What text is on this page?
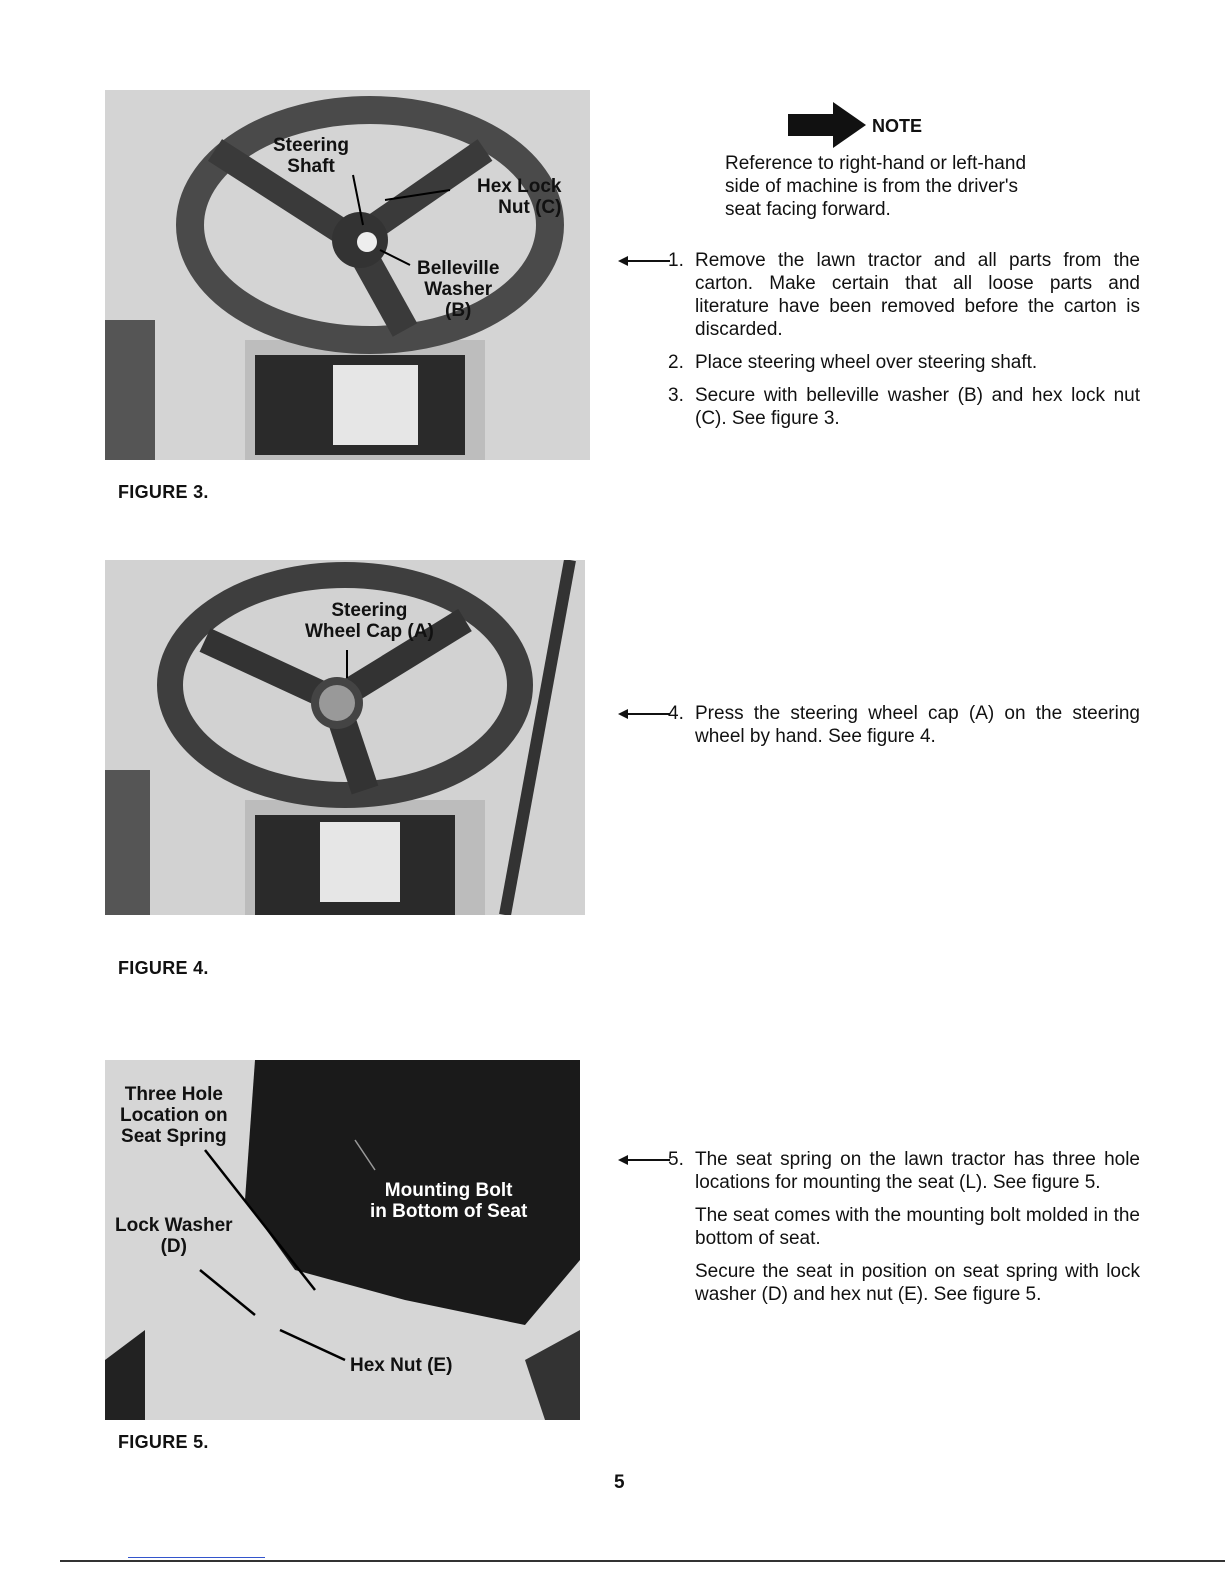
Steering
Shaft
Hex Lock
Nut (C)
Belleville
Washer
(B)
FIGURE 3.
Steering
Wheel Cap (A)
FIGURE 4.
Three Hole
Location on
Seat Spring
Lock Washer
(D)
Mounting Bolt
in Bottom of Seat
Hex Nut (E)
FIGURE 5.
NOTE
Reference to right-hand or left-hand
side of machine is from the driver's
seat facing forward.
1. Remove the lawn tractor and all parts from the carton. Make certain that all loose parts and literature have been removed before the carton is discarded.

2. Place steering wheel over steering shaft.

3. Secure with belleville washer (B) and hex lock nut (C). See figure 3.

4. Press the steering wheel cap (A) on the steering wheel by hand. See figure 4.

5. The seat spring on the lawn tractor has three hole locations for mounting the seat (L). See figure 5.

The seat comes with the mounting bolt molded in the bottom of seat.

Secure the seat in position on seat spring with lock washer (D) and hex nut (E). See figure 5.

5
